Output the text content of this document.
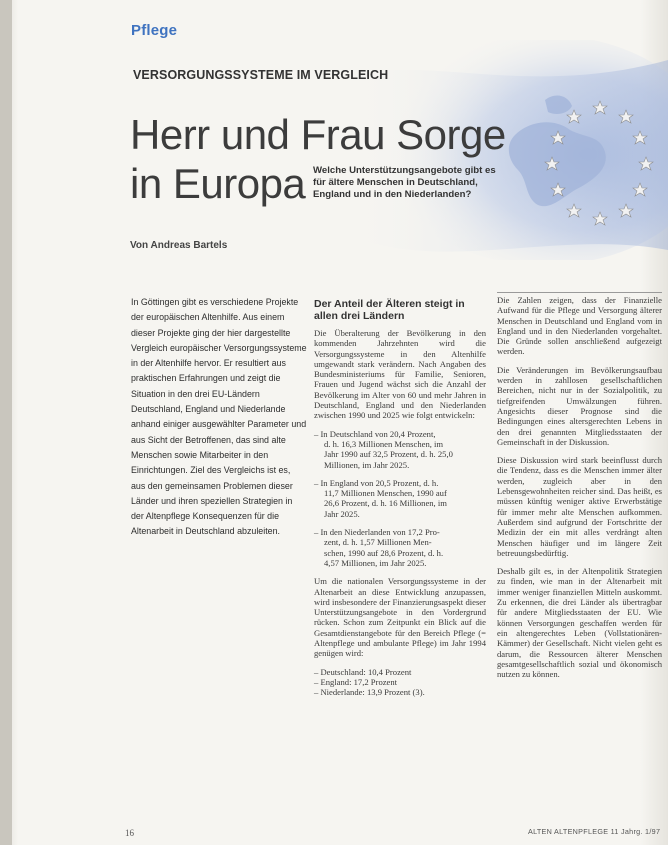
Pflege
VERSORGUNGSSYSTEME IM VERGLEICH
Herr und Frau Sorge
in Europa Welche Unterstützungsangebote gibt es für ältere Menschen in Deutschland, England und in den Niederlanden?
Von Andreas Bartels
In Göttingen gibt es verschiedene Projekte der europäischen Altenhilfe. Aus einem dieser Projekte ging der hier dargestellte Vergleich europäischer Versorgungssysteme in der Altenhilfe hervor. Er resultiert aus praktischen Erfahrungen und zeigt die Situation in den drei EU-Ländern Deutschland, England und Niederlande anhand einiger ausgewählter Parameter und aus Sicht der Betroffenen, das sind alte Menschen sowie Mitarbeiter in den Einrichtungen. Ziel des Vergleichs ist es, aus den gemeinsamen Problemen dieser Länder und ihren speziellen Strategien in der Altenpflege Konsequenzen für die Altenarbeit in Deutschland abzuleiten.

Der Anteil der Älteren steigt in allen drei Ländern

Die Überalterung der Bevölkerung in den kommenden Jahrzehnten wird die Versorgungssysteme in den Altenhilfe umgewandt stark verändern. Nach Angaben des Bundesministeriums für Familie, Senioren, Frauen und Jugend wächst sich die Anzahl der Bevölkerung im Alter von 60 und mehr Jahren in Deutschland, England und den Niederlanden zwischen 1990 und 2025 wie folgt entwickeln:

– In Deutschland von 20,4 Prozent,

d. h. 16,3 Millionen Menschen, im

Jahr 1990 auf 32,5 Prozent, d. h. 25,0

Millionen, im Jahr 2025.

– In England von 20,5 Prozent, d. h.

11,7 Millionen Menschen, 1990 auf

26,6 Prozent, d. h. 16 Millionen, im

Jahr 2025.

– In den Niederlanden von 17,2 Pro-

zent, d. h. 1,57 Millionen Men-

schen, 1990 auf 28,6 Prozent, d. h.

4,57 Millionen, im Jahr 2025.

Um die nationalen Versorgungssysteme in der Altenarbeit an diese Entwicklung anzupassen, wird insbesondere der Finanzierungsaspekt dieser Unterstützungsangebote in den Vordergrund rücken. Schon zum Zeitpunkt ein Blick auf die Gesamtdienstangebote für den Bereich Pflege (= Altenpflege und ambulante Pflege) im Jahr 1994 genügen wird:

– Deutschland: 10,4 Prozent

– England: 17,2 Prozent

– Niederlande: 13,9 Prozent (3).

Die Zahlen zeigen, dass der Finanzielle Aufwand für die Pflege und Versorgung älterer Menschen in Deutschland und England vom in England und in den Niederlanden vorgehaltet. Die Gründe sollen anschließend aufgezeigt werden.

Die Veränderungen im Bevölkerungsaufbau werden in zahllosen gesellschaftlichen Bereichen, nicht nur in der Sozialpolitik, zu tiefgreifenden Umwälzungen führen. Angesichts dieser Prognose sind die Bedingungen eines altersgerechten Lebens in den drei genannten Mitgliedsstaaten der Gemeinschaft in der Diskussion.

Diese Diskussion wird stark beeinflusst durch die Tendenz, dass es die Menschen immer älter werden, zugleich aber in den Lebensgewohnheiten reicher sind. Das heißt, es müssen künftig weniger aktive Erwerbstätige für immer mehr alte Menschen aufkommen. Außerdem sind aufgrund der Fortschritte der Medizin der ein mit alles verdrängt alten Menschen häufiger und im längere Zeit betreuungsbedürftig.

Deshalb gilt es, in der Altenpolitik Strategien zu finden, wie man in der Altenarbeit mit immer weniger finanziellen Mitteln auskommt. Zu erkennen, die drei Länder als übertragbar für andere Mitgliedsstaaten der EU. Wie können Versorgungen geschaffen werden für ein altengerechtes Leben (Vollstationären-Kämmer) der Gesellschaft. Nicht vielen geht es darum, die Ressourcen älterer Menschen gesamtgesellschaftlich sozial und ökonomisch nutzen zu können.

16	ALTEN ALTENPFLEGE 11 Jahrg. 1/97
